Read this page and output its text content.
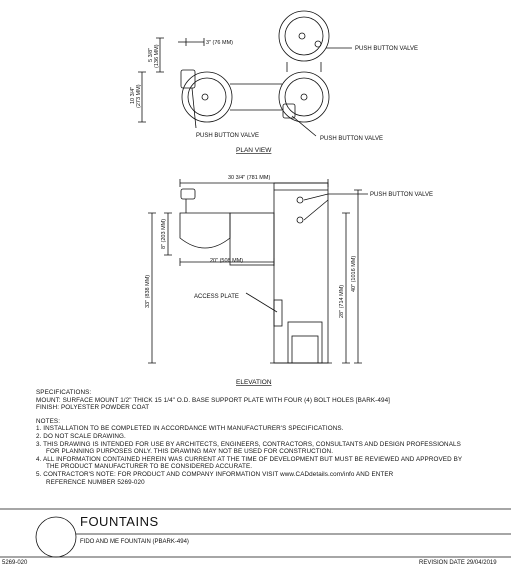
PLAN VIEW
3" (76 MM)
5 3/8" (136 MM)
10 3/4" (273 MM)
PUSH BUTTON VALVE
PUSH BUTTON VALVE	PUSH BUTTON VALVE
ELEVATION
30 3/4" (781 MM)
8" (203 MM)
20" (508 MM)
33" (838 MM)	28" (714 MM)
40" (1016 MM)
PUSH BUTTON VALVE
ACCESS PLATE
SPECIFICATIONS:
MOUNT: SURFACE MOUNT 1/2" THICK 15 1/4" O.D. BASE SUPPORT PLATE WITH FOUR (4) BOLT HOLES [BARK-494]
FINISH: POLYESTER POWDER COAT
NOTES:
1. INSTALLATION TO BE COMPLETED IN ACCORDANCE WITH MANUFACTURER'S SPECIFICATIONS.
2. DO NOT SCALE DRAWING.
3. THIS DRAWING IS INTENDED FOR USE BY ARCHITECTS, ENGINEERS, CONTRACTORS, CONSULTANTS AND DESIGN PROFESSIONALS
FOR PLANNING PURPOSES ONLY. THIS DRAWING MAY NOT BE USED FOR CONSTRUCTION.
4. ALL INFORMATION CONTAINED HEREIN WAS CURRENT AT THE TIME OF DEVELOPMENT BUT MUST BE REVIEWED AND APPROVED BY
THE PRODUCT MANUFACTURER TO BE CONSIDERED ACCURATE.
5. CONTRACTOR'S NOTE: FOR PRODUCT AND COMPANY INFORMATION VISIT www.CADdetails.com/info AND ENTER
REFERENCE NUMBER 5269-020
FOUNTAINS
FIDO AND ME FOUNTAIN (PBARK-494)
5269-020	REVISION DATE 29/04/2019
